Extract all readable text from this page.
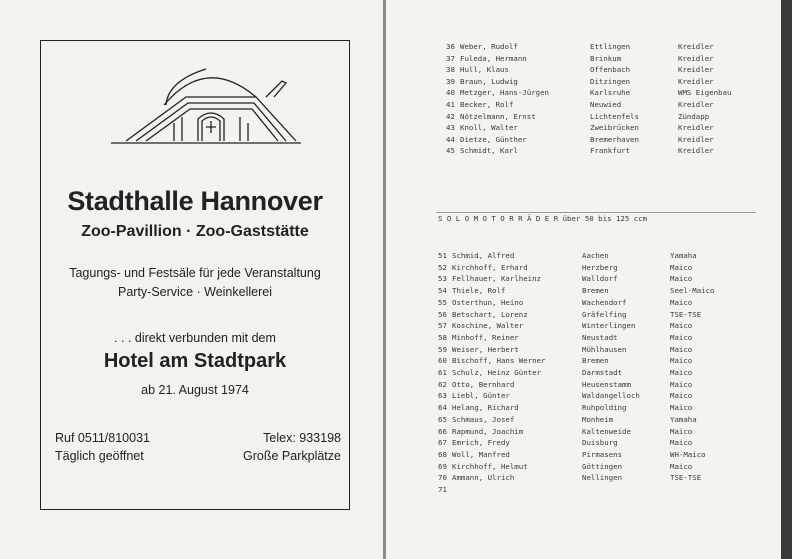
Stadthalle Hannover
Zoo-Pavillion · Zoo-Gaststätte
Tagungs- und Festsäle für jede Veranstaltung
Party-Service · Weinkellerei
. . . direkt verbunden mit dem
Hotel am Stadtpark
ab 21. August 1974
Ruf 0511/810031	Telex: 933198
Täglich geöffnet	Große Parkplätze
36 Weber, Rudolf	Ettlingen	Kreidler
37 Fuleda, Hermann	Brinkum	Kreidler
38 Hull, Klaus	Offenbach	Kreidler
39 Braun, Ludwig	Ditzingen	Kreidler
40 Metzger, Hans-Jürgen	Karlsruhe	WMS Eigenbau
41 Becker, Rolf	Neuwied	Kreidler
42 Nötzelmann, Ernst	Lichtenfels	Zündapp
43 Knoll, Walter	Zweibrücken	Kreidler
44 Dietze, Günther	Bremerhaven	Kreidler
45 Schmidt, Karl	Frankfurt	Kreidler
S O L O M O T O R R Ä D E R über 50 bis 125 ccm
51 Schmid, Alfred	Aachen	Yamaha
52 Kirchhoff, Erhard	Herzberg	Maico
53 Fellhauer, Karlheinz	Walldorf	Maico
54 Thiele, Rolf	Bremen	Seel-Maico
55 Osterthun, Heino	Wachendorf	Maico
56 Betschart, Lorenz	Gräfelfing	TSE-TSE
57 Koschine, Walter	Winterlingen	Maico
58 Minhoff, Reiner	Neustadt	Maico
59 Weiser, Herbert	Mühlhausen	Maico
60 Bischoff, Hans Werner	Bremen	Maico
61 Schulz, Heinz Günter	Darmstadt	Maico
62 Otto, Bernhard	Heusenstamm	Maico
63 Liebl, Günter	Waldangelloch	Maico
64 Helang, Richard	Ruhpolding	Maico
65 Schmaus, Josef	Monheim	Yamaha
66 Rapmund, Joachim	Kaltenweide	Maico
67 Emrich, Fredy	Duisburg	Maico
68 Woll, Manfred	Pirmasens	WH-Maico
69 Kirchhoff, Helmut	Göttingen	Maico
70 Ammann, Ulrich	Nellingen	TSE-TSE
71
